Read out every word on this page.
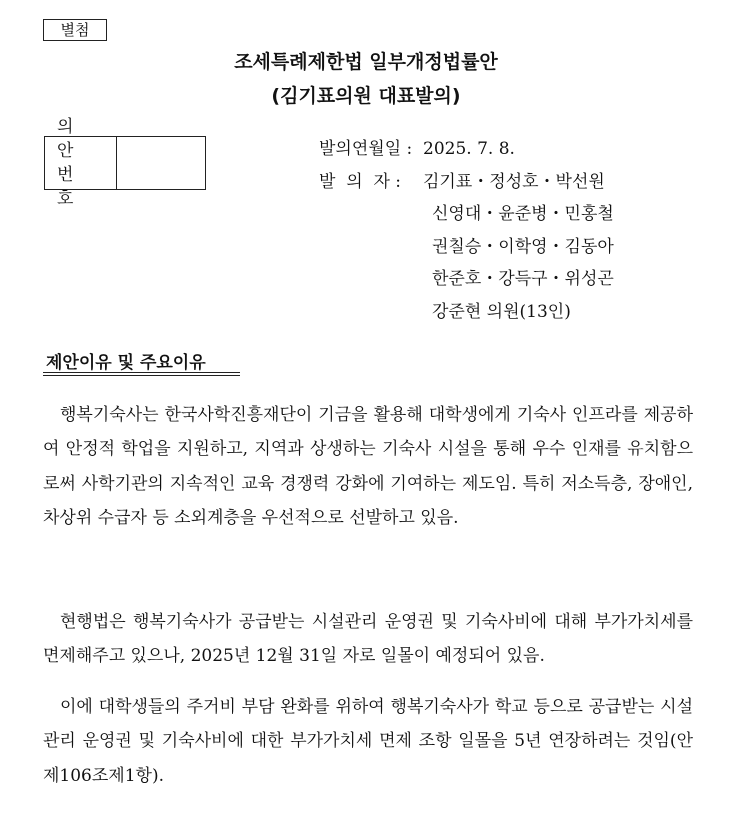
별첨
조세특례제한법 일부개정법률안
(김기표의원 대표발의)
의 안
번 호
발의연월일 : 2025. 7. 8.
발  의  자 : 김기표・정성호・박선원
신영대・윤준병・민홍철
권칠승・이학영・김동아
한준호・강득구・위성곤
강준현 의원(13인)
제안이유 및 주요이유

행복기숙사는 한국사학진흥재단이 기금을 활용해 대학생에게 기숙사 인프라를 제공하여 안정적 학업을 지원하고, 지역과 상생하는 기숙사 시설을 통해 우수 인재를 유치함으로써 사학기관의 지속적인 교육 경쟁력 강화에 기여하는 제도임. 특히 저소득층, 장애인, 차상위 수급자 등 소외계층을 우선적으로 선발하고 있음.

현행법은 행복기숙사가 공급받는 시설관리 운영권 및 기숙사비에 대해 부가가치세를 면제해주고 있으나, 2025년 12월 31일 자로 일몰이 예정되어 있음.

이에 대학생들의 주거비 부담 완화를 위하여 행복기숙사가 학교 등으로 공급받는 시설관리 운영권 및 기숙사비에 대한 부가가치세 면제 조항 일몰을 5년 연장하려는 것임(안 제106조제1항).
